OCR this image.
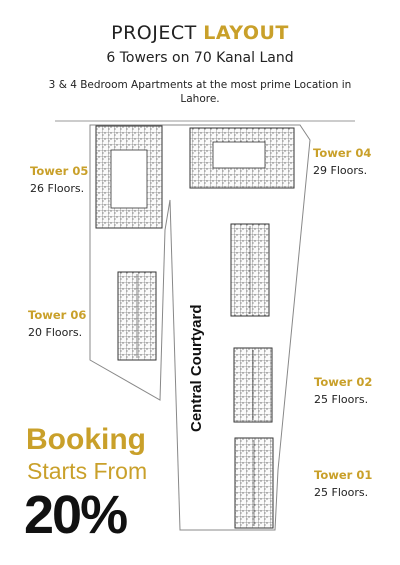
PROJECT LAYOUT
6 Towers on 70 Kanal Land
3 & 4 Bedroom Apartments at the most prime Location in Lahore.
Tower 05
26 Floors.
Tower 04
29 Floors.
Tower 06
20 Floors.
Tower 02
25 Floors.
Tower 01
25 Floors.
Central Courtyard
Booking
Starts From
20%
